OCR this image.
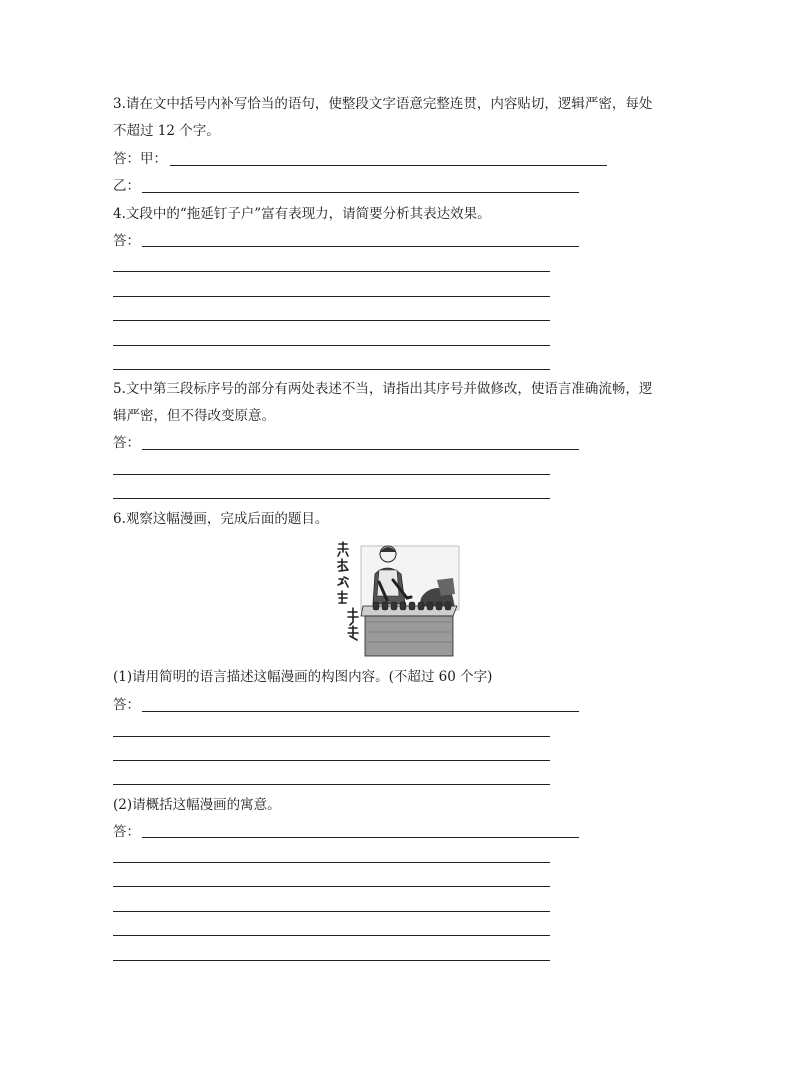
3.请在文中括号内补写恰当的语句，使整段文字语意完整连贯，内容贴切，逻辑严密，每处
不超过 12 个字。
答：甲：
乙：
4.文段中的“拖延钉子户”富有表现力，请简要分析其表达效果。
答：
5.文中第三段标序号的部分有两处表述不当，请指出其序号并做修改，使语言准确流畅，逻
辑严密，但不得改变原意。
答：
6.观察这幅漫画，完成后面的题目。
(1)请用简明的语言描述这幅漫画的构图内容。(不超过 60 个字)
答：
(2)请概括这幅漫画的寓意。
答：
